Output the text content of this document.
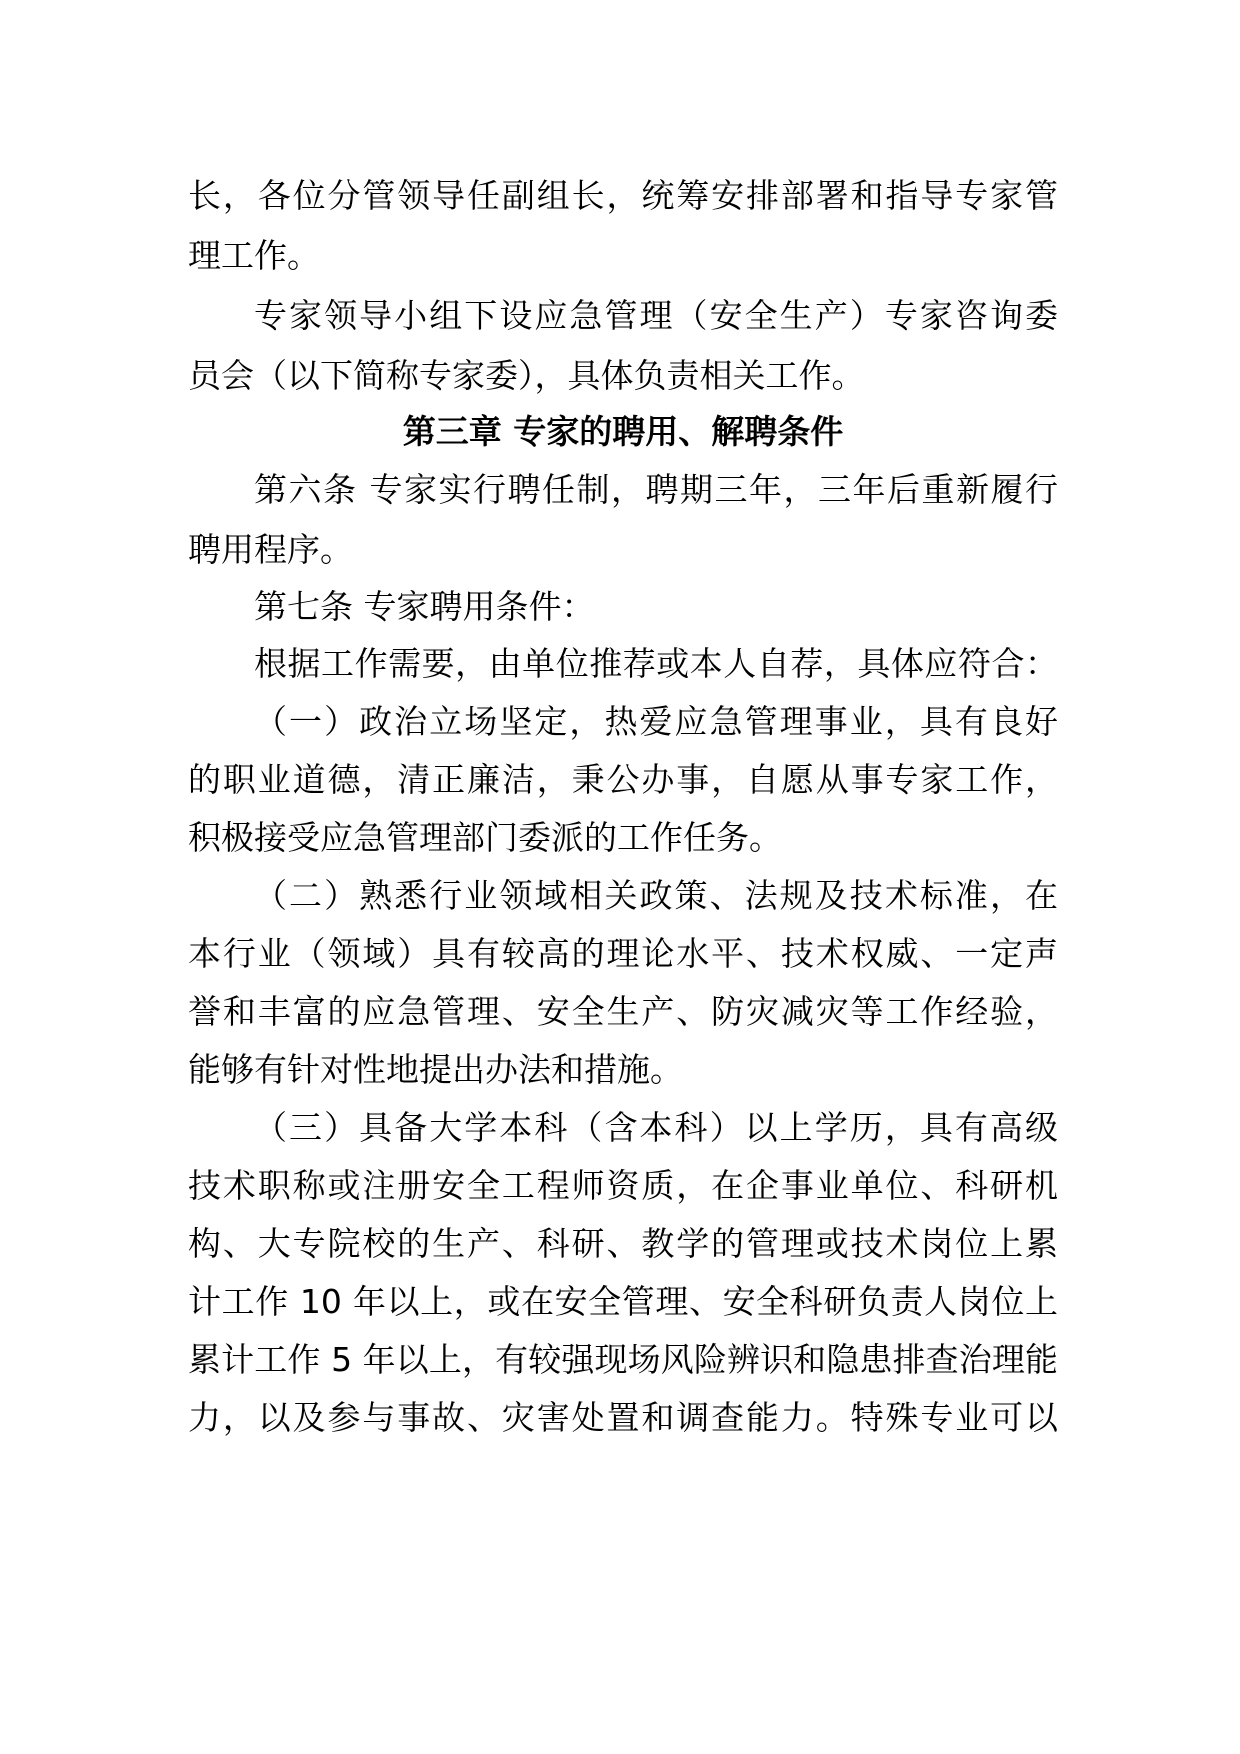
长，各位分管领导任副组长，统筹安排部署和指导专家管
理工作。
专家领导小组下设应急管理（安全生产）专家咨询委
员会（以下简称专家委），具体负责相关工作。
第三章 专家的聘用、解聘条件
第六条 专家实行聘任制，聘期三年，三年后重新履行
聘用程序。
第七条 专家聘用条件：
根据工作需要，由单位推荐或本人自荐，具体应符合：
（一）政治立场坚定，热爱应急管理事业，具有良好
的职业道德，清正廉洁，秉公办事，自愿从事专家工作，
积极接受应急管理部门委派的工作任务。
（二）熟悉行业领域相关政策、法规及技术标准，在
本行业（领域）具有较高的理论水平、技术权威、一定声
誉和丰富的应急管理、安全生产、防灾减灾等工作经验，
能够有针对性地提出办法和措施。
（三）具备大学本科（含本科）以上学历，具有高级
技术职称或注册安全工程师资质，在企事业单位、科研机
构、大专院校的生产、科研、教学的管理或技术岗位上累
计工作 10 年以上，或在安全管理、安全科研负责人岗位上
累计工作 5 年以上，有较强现场风险辨识和隐患排查治理能
力，以及参与事故、灾害处置和调查能力。特殊专业可以
